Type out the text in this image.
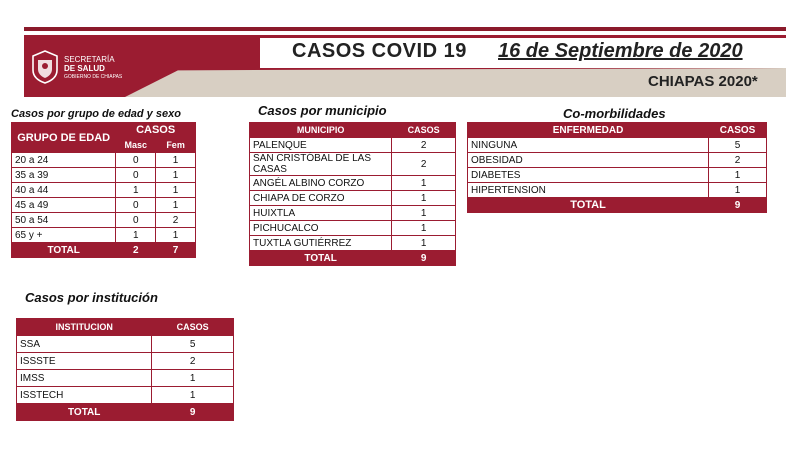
SECRETARÍA
DE SALUD
GOBIERNO DE CHIAPAS
CASOS COVID 19 16 de Septiembre de 2020
CHIAPAS 2020*
Casos por grupo de edad y sexo
GRUPO DE EDAD	CASOS	
	Masc	Fem
20 a 24	0	1
35 a 39	0	1
40 a 44	1	1
45 a 49	0	1
50 a 54	0	2
65 y +	1	1
TOTAL	2	7
Casos por municipio
MUNICIPIO	CASOS
PALENQUE	2
SAN CRISTÓBAL DE LAS CASAS	2
ANGÉL ALBINO CORZO	1
CHIAPA DE CORZO	1
HUIXTLA	1
PICHUCALCO	1
TUXTLA GUTIÉRREZ	1
TOTAL	9
Co-morbilidades
ENFERMEDAD	CASOS
NINGUNA	5
OBESIDAD	2
DIABETES	1
HIPERTENSION	1
TOTAL	9
Casos por institución
INSTITUCION	CASOS
SSA	5
ISSSTE	2
IMSS	1
ISSTECH	1
TOTAL	9
